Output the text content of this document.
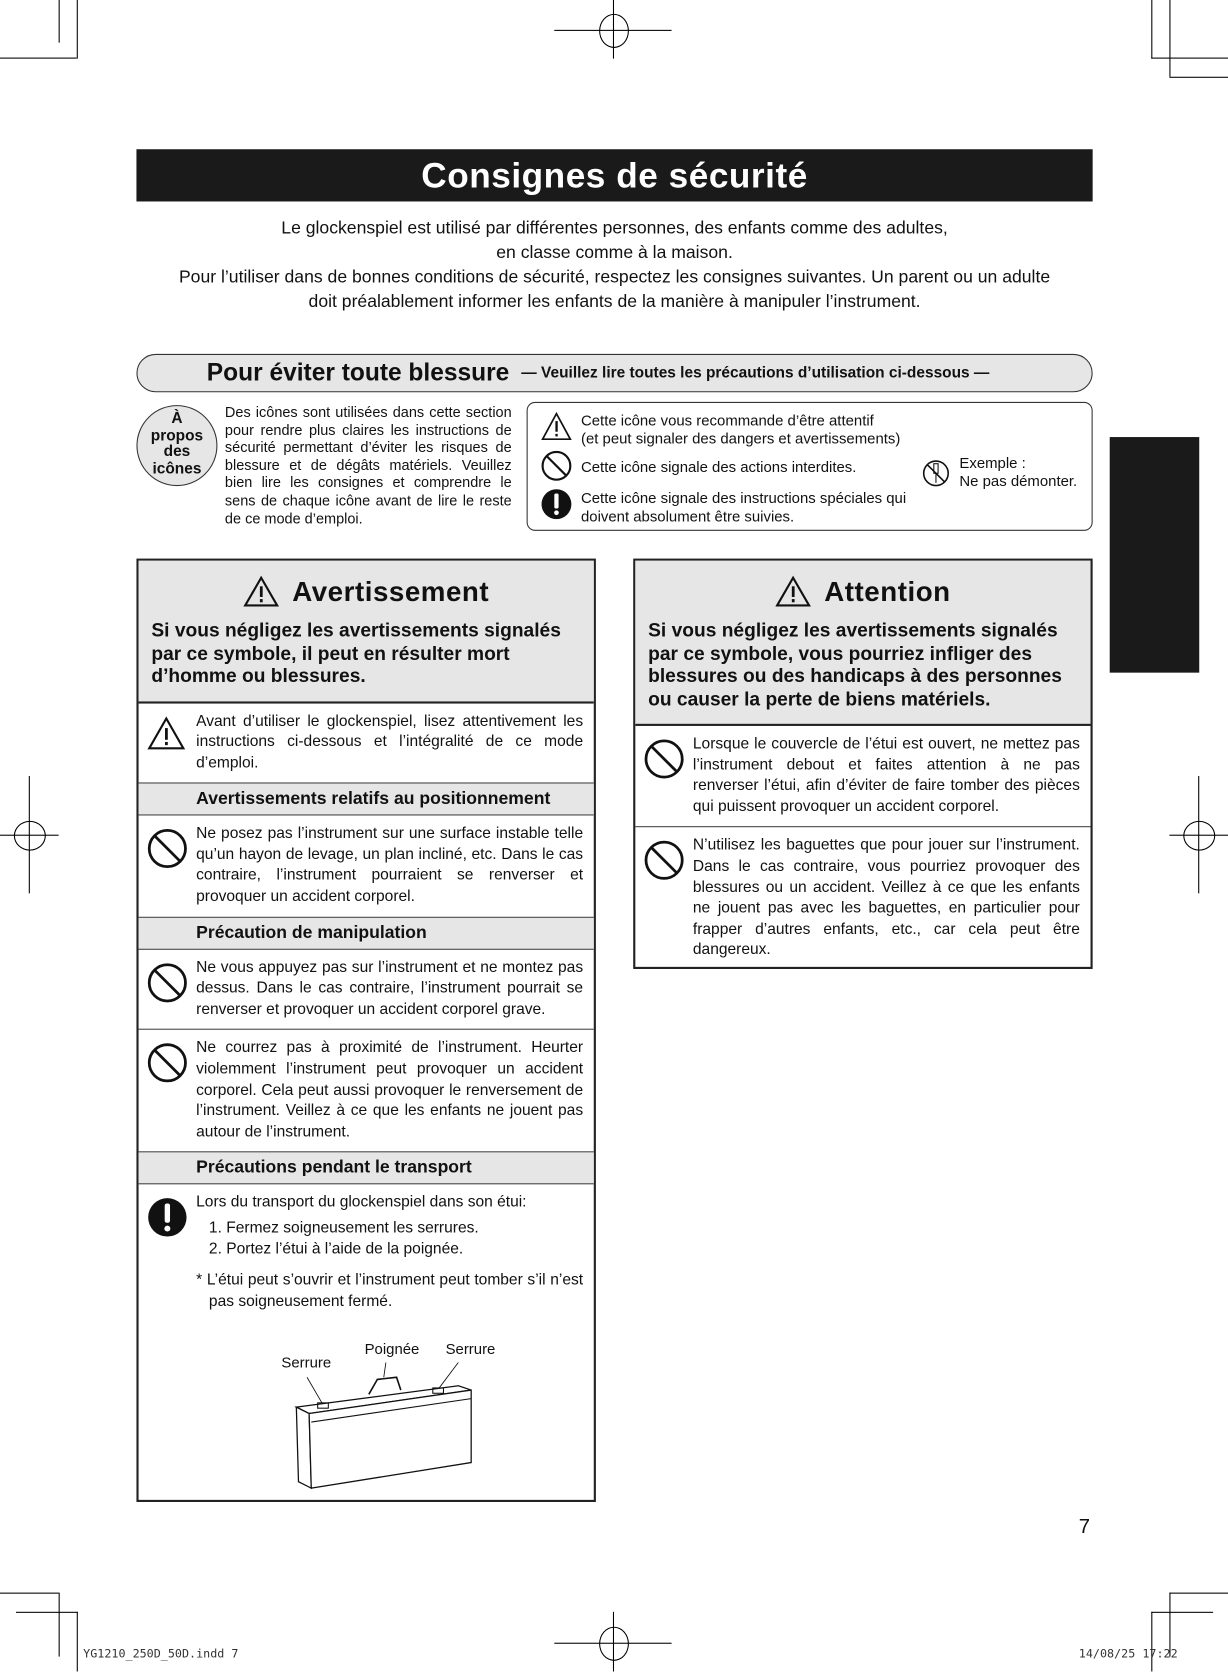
YG1210_250D_50D.indd 7	14/08/25 17:22
Consignes de sécurité
Le glockenspiel est utilisé par différentes personnes, des enfants comme des adultes,
en classe comme à la maison.
Pour l’utiliser dans de bonnes conditions de sécurité, respectez les consignes suivantes. Un parent ou un adulte
doit préalablement informer les enfants de la manière à manipuler l’instrument.
Pour éviter toute blessure — Veuillez lire toutes les précautions d’utilisation ci-dessous —
À
propos
des
icônes
Des icônes sont utilisées dans cette section pour rendre plus claires les instructions de sécurité permettant d’éviter les risques de blessure et de dégâts matériels. Veuillez bien lire les consignes et comprendre le sens de chaque icône avant de lire le reste de ce mode d’emploi.
Cette icône vous recommande d’être attentif
(et peut signaler des dangers et avertissements)
Cette icône signale des actions interdites.
Cette icône signale des instructions spéciales qui
doivent absolument être suivies.
Exemple :
Ne pas démonter.
Avertissement
Si vous négligez les avertissements signalés par ce symbole, il peut en résulter mort d’homme ou blessures.
Avant d’utiliser le glockenspiel, lisez attentivement les instructions ci-dessous et l’intégralité de ce mode d’emploi.
Avertissements relatifs au positionnement
Ne posez pas l’instrument sur une surface instable telle qu’un hayon de levage, un plan incliné, etc. Dans le cas contraire, l’instrument pourraient se renverser et provoquer un accident corporel.
Précaution de manipulation
Ne vous appuyez pas sur l’instrument et ne montez pas dessus. Dans le cas contraire, l’instrument pourrait se renverser et provoquer un accident corporel grave.
Ne courrez pas à proximité de l’instrument. Heurter violemment l’instrument peut provoquer un accident corporel. Cela peut aussi provoquer le renversement de l’instrument. Veillez à ce que les enfants ne jouent pas autour de l’instrument.
Précautions pendant le transport
Lors du transport du glockenspiel dans son étui:
1. Fermez soigneusement les serrures.
2. Portez l’étui à l’aide de la poignée.
* L’étui peut s’ouvrir et l’instrument peut tomber s’il n’est pas soigneusement fermé.
Serrure
Poignée Serrure
Attention
Si vous négligez les avertissements signalés par ce symbole, vous pourriez infliger des blessures ou des handicaps à des personnes ou causer la perte de biens matériels.
Lorsque le couvercle de l’étui est ouvert, ne mettez pas l’instrument debout et faites attention à ne pas renverser l’étui, afin d’éviter de faire tomber des pièces qui puissent provoquer un accident corporel.
N’utilisez les baguettes que pour jouer sur l’instrument. Dans le cas contraire, vous pourriez provoquer des blessures ou un accident. Veillez à ce que les enfants ne jouent pas avec les baguettes, en particulier pour frapper d’autres enfants, etc., car cela peut être dangereux.
7
